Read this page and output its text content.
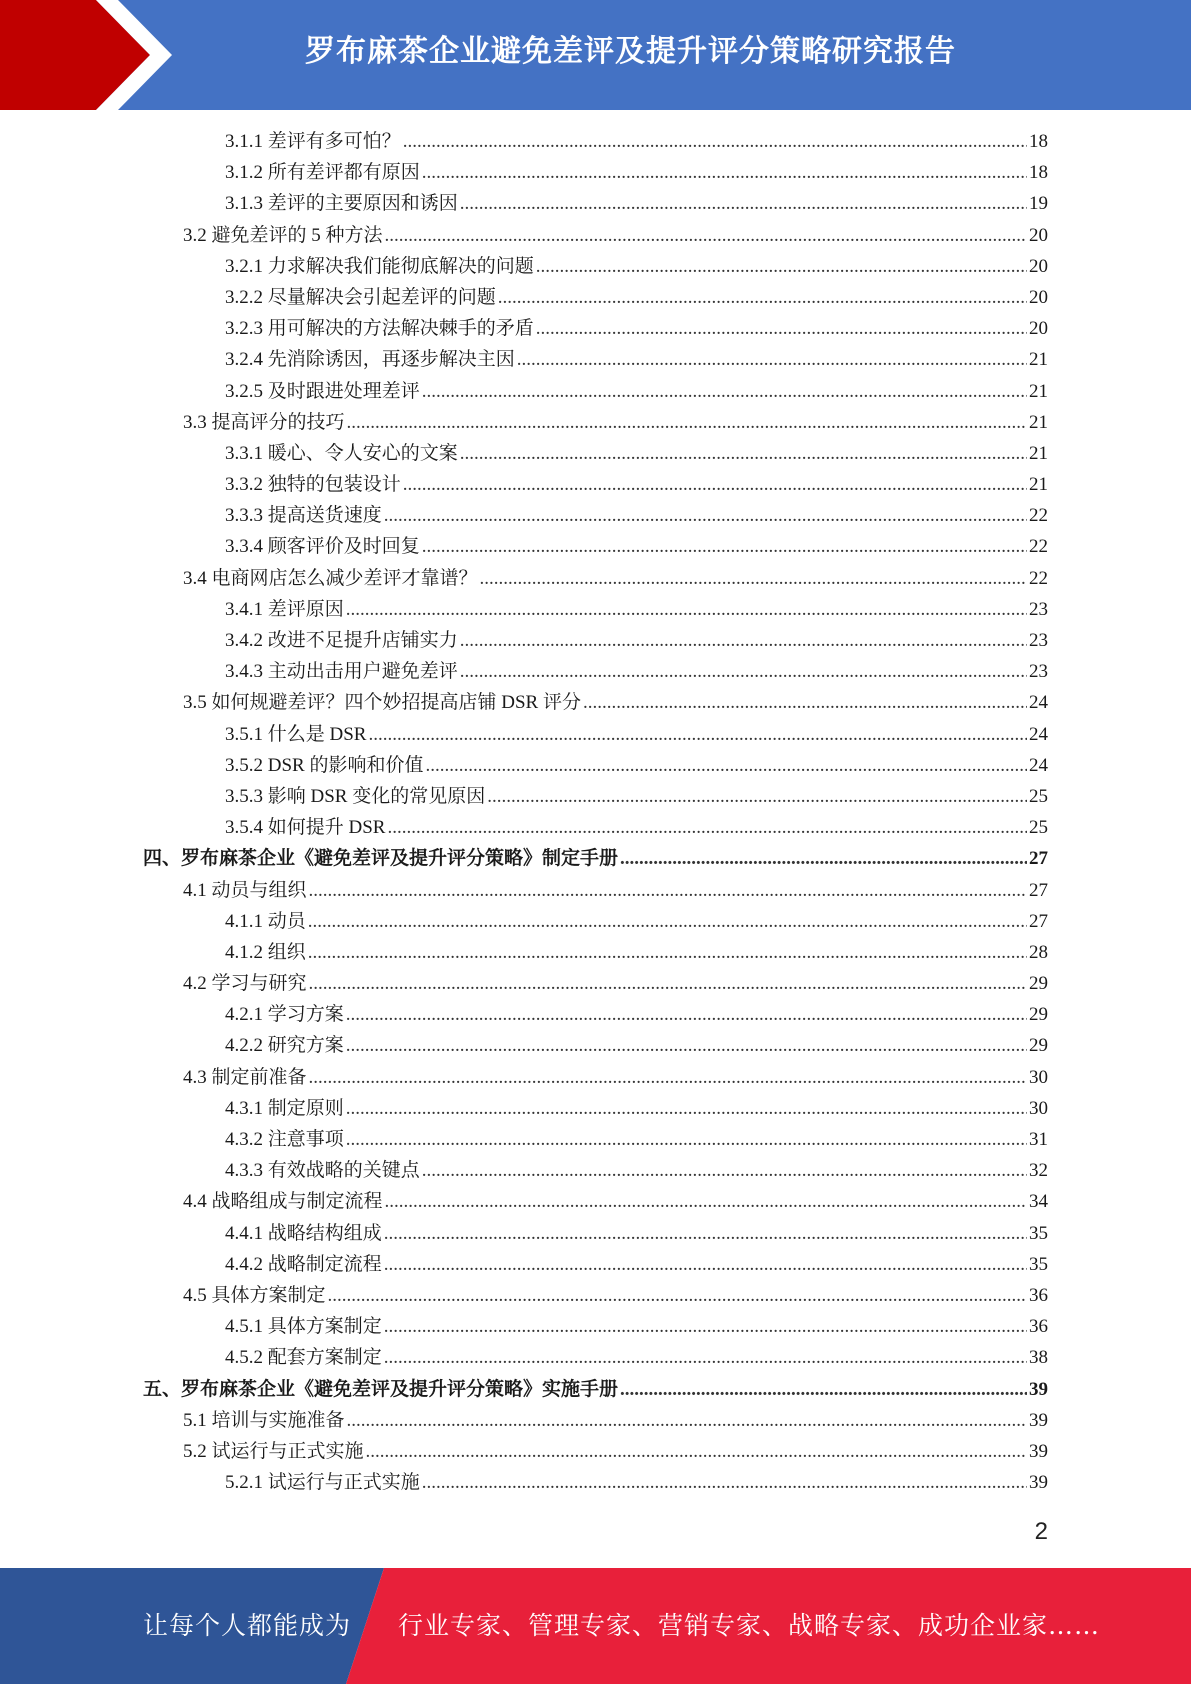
罗布麻茶企业避免差评及提升评分策略研究报告
3.1.1 差评有多可怕？ .....	18
3.1.2 所有差评都有原因 .....	18
3.1.3 差评的主要原因和诱因 .....	19
3.2 避免差评的 5 种方法 .....	20
3.2.1 力求解决我们能彻底解决的问题 .....	20
3.2.2 尽量解决会引起差评的问题 .....	20
3.2.3 用可解决的方法解决棘手的矛盾 .....	20
3.2.4 先消除诱因，再逐步解决主因 .....	21
3.2.5 及时跟进处理差评 .....	21
3.3 提高评分的技巧 .....	21
3.3.1 暖心、令人安心的文案 .....	21
3.3.2 独特的包装设计 .....	21
3.3.3 提高送货速度 .....	22
3.3.4 顾客评价及时回复 .....	22
3.4 电商网店怎么减少差评才靠谱？ .....	22
3.4.1 差评原因 .....	23
3.4.2 改进不足提升店铺实力 .....	23
3.4.3 主动出击用户避免差评 .....	23
3.5 如何规避差评？四个妙招提高店铺 DSR 评分 .....	24
3.5.1 什么是 DSR .....	24
3.5.2 DSR 的影响和价值 .....	24
3.5.3 影响 DSR 变化的常见原因 .....	25
3.5.4 如何提升 DSR .....	25
四、罗布麻茶企业《避免差评及提升评分策略》制定手册 .....	27
4.1 动员与组织 .....	27
4.1.1 动员 .....	27
4.1.2 组织 .....	28
4.2 学习与研究 .....	29
4.2.1 学习方案 .....	29
4.2.2 研究方案 .....	29
4.3 制定前准备 .....	30
4.3.1 制定原则 .....	30
4.3.2 注意事项 .....	31
4.3.3 有效战略的关键点 .....	32
4.4 战略组成与制定流程 .....	34
4.4.1 战略结构组成 .....	35
4.4.2 战略制定流程 .....	35
4.5 具体方案制定 .....	36
4.5.1 具体方案制定 .....	36
4.5.2 配套方案制定 .....	38
五、罗布麻茶企业《避免差评及提升评分策略》实施手册 .....	39
5.1 培训与实施准备 .....	39
5.2 试运行与正式实施 .....	39
5.2.1 试运行与正式实施 .....	39
2
让每个人都能成为 行业专家、管理专家、营销专家、战略专家、成功企业家……
